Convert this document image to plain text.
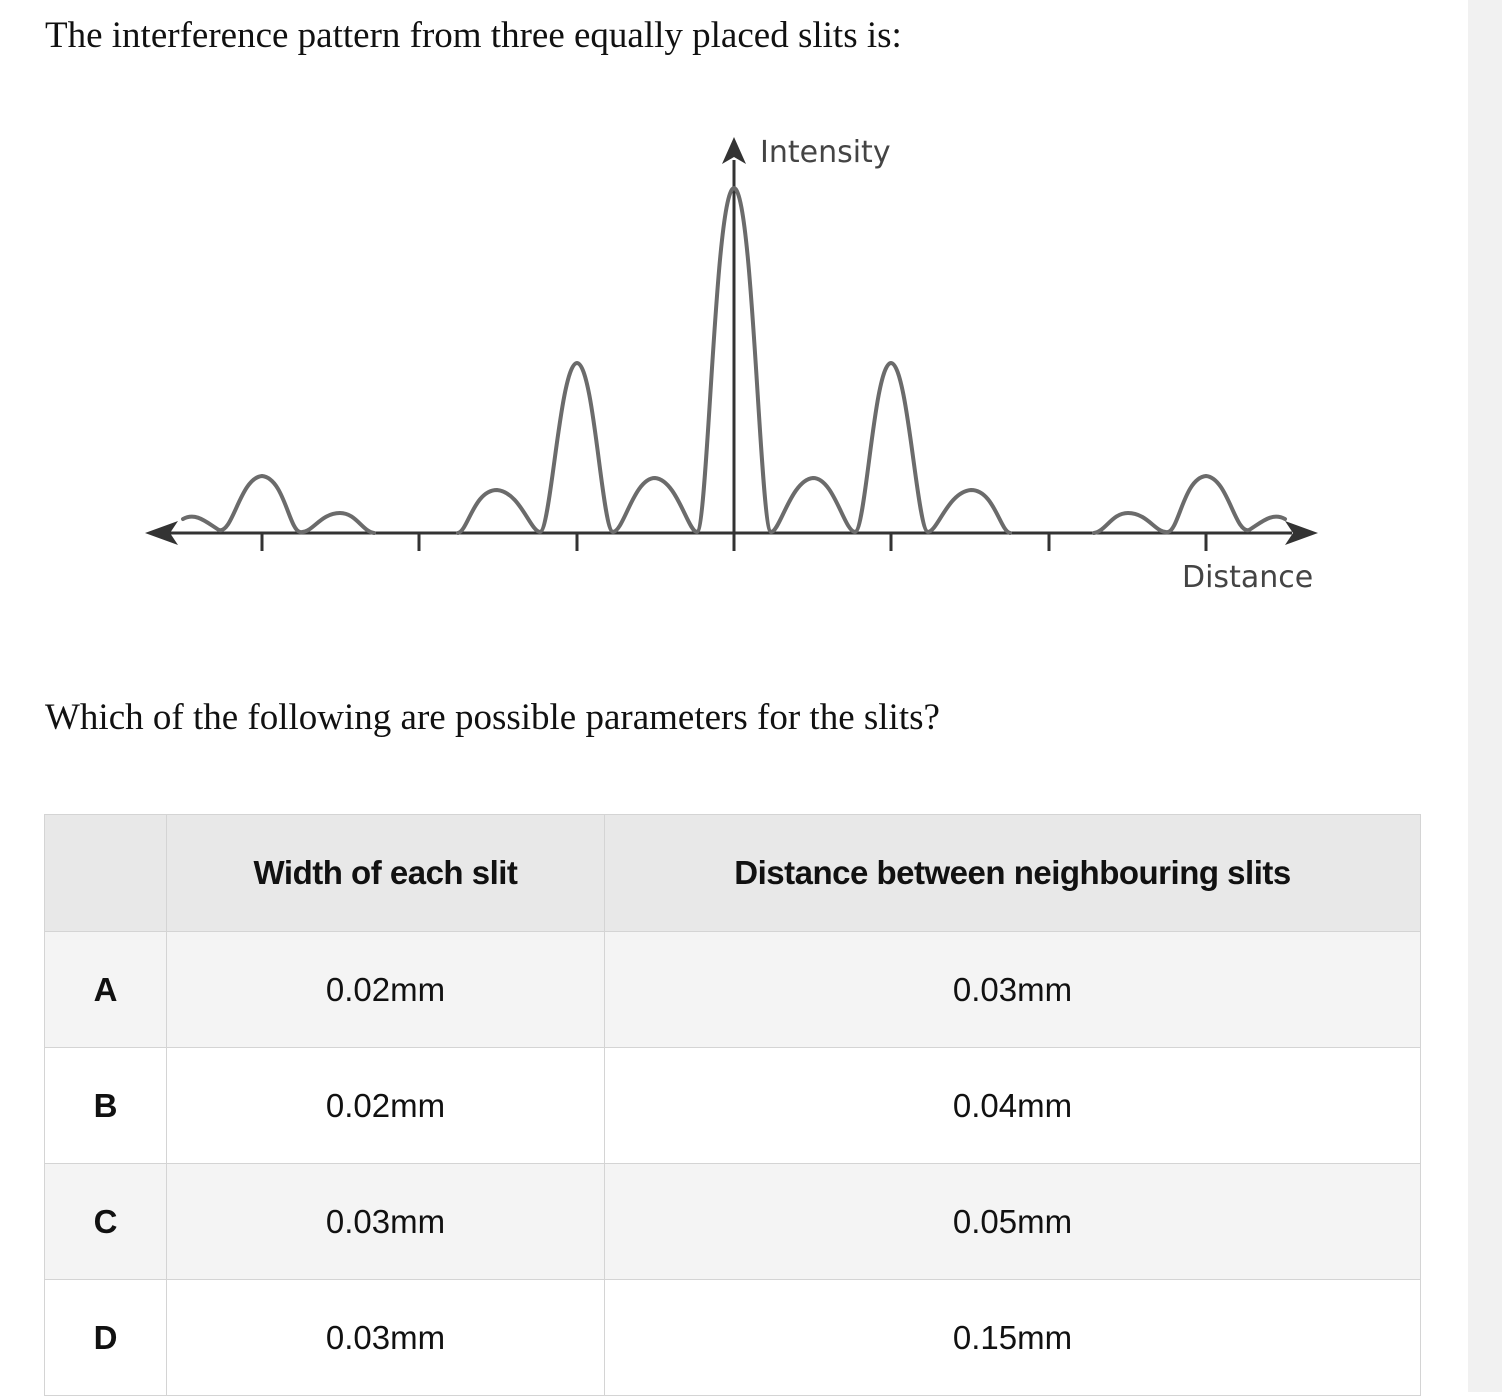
The interference pattern from three equally placed slits is:

Intensity
Distance

Which of the following are possible parameters for the slits?

	Width of each slit	Distance between neighbouring slits
A	0.02mm	0.03mm
B	0.02mm	0.04mm
C	0.03mm	0.05mm
D	0.03mm	0.15mm
